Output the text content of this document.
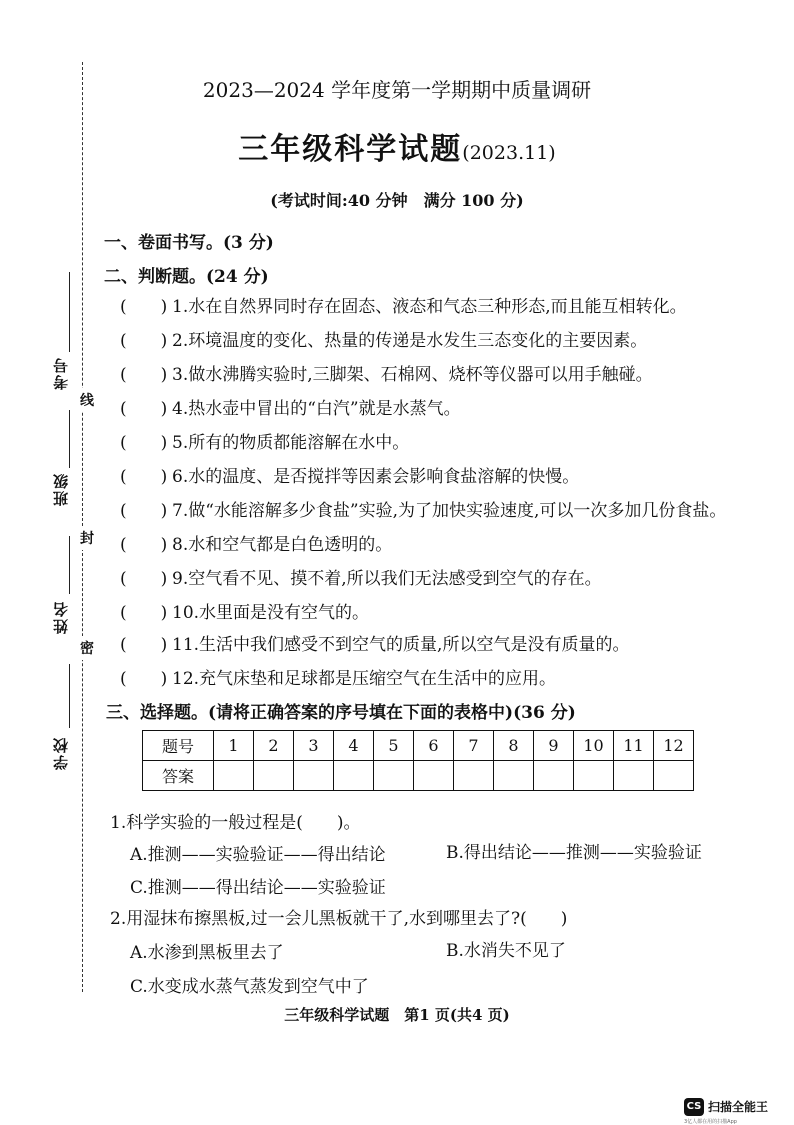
线
封
密
考号
班级
姓名
学校
2023—2024 学年度第一学期期中质量调研
三年级科学试题(2023.11)
(考试时间:40 分钟　满分 100 分)
一、卷面书写。(3 分)
二、判断题。(24 分)
(　　) 1.水在自然界同时存在固态、液态和气态三种形态,而且能互相转化。
(　　) 2.环境温度的变化、热量的传递是水发生三态变化的主要因素。
(　　) 3.做水沸腾实验时,三脚架、石棉网、烧杯等仪器可以用手触碰。
(　　) 4.热水壶中冒出的“白汽”就是水蒸气。
(　　) 5.所有的物质都能溶解在水中。
(　　) 6.水的温度、是否搅拌等因素会影响食盐溶解的快慢。
(　　) 7.做“水能溶解多少食盐”实验,为了加快实验速度,可以一次多加几份食盐。
(　　) 8.水和空气都是白色透明的。
(　　) 9.空气看不见、摸不着,所以我们无法感受到空气的存在。
(　　) 10.水里面是没有空气的。
(　　) 11.生活中我们感受不到空气的质量,所以空气是没有质量的。
(　　) 12.充气床垫和足球都是压缩空气在生活中的应用。
三、选择题。(请将正确答案的序号填在下面的表格中)(36 分)
题号	1	2	3	4	5	6	7	8	9	10	11	12
答案												
1.科学实验的一般过程是(　　)。
A.推测——实验验证——得出结论	B.得出结论——推测——实验验证
C.推测——得出结论——实验验证
2.用湿抹布擦黑板,过一会儿黑板就干了,水到哪里去了?(　　)
A.水渗到黑板里去了	B.水消失不见了
C.水变成水蒸气蒸发到空气中了
三年级科学试题　第1 页(共4 页)
CS 扫描全能王
3亿人都在用的扫描App
